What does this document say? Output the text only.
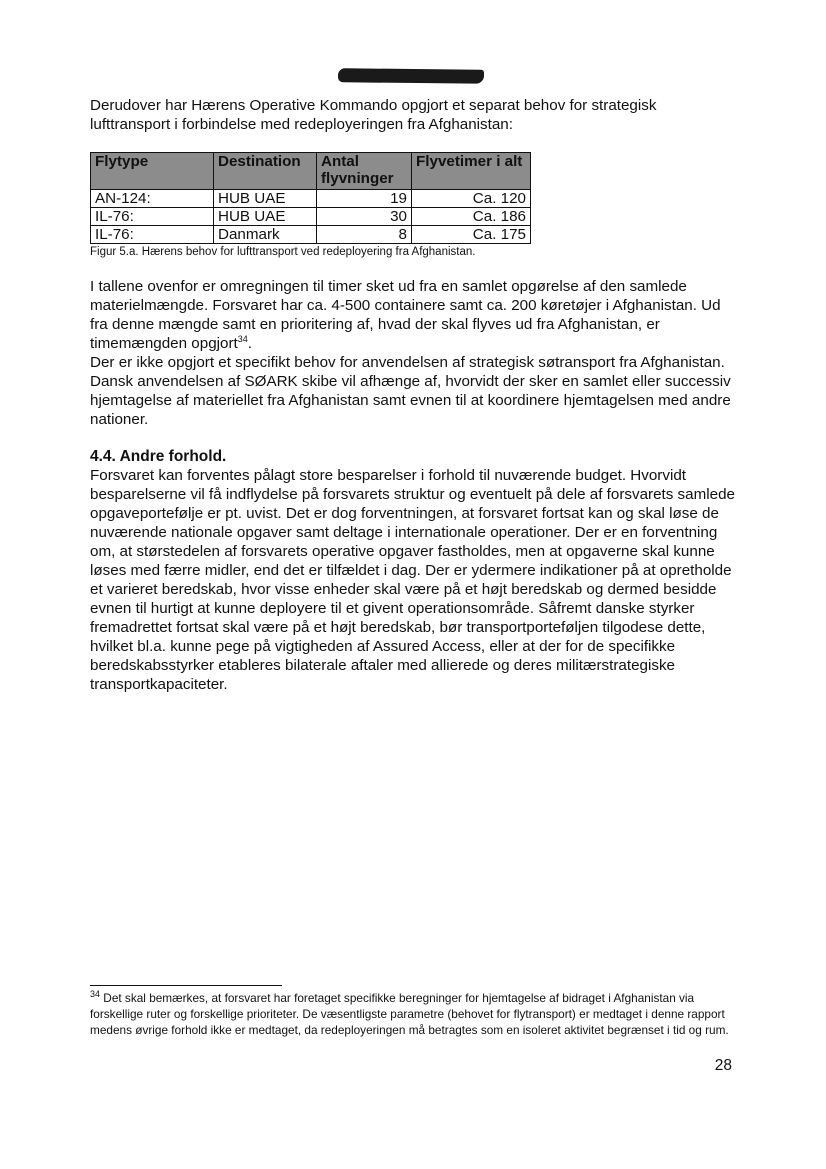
Derudover har Hærens Operative Kommando opgjort et separat behov for strategisk lufttransport i forbindelse med redeployeringen fra Afghanistan:

Flytype	Destination	Antal flyvninger	Flyvetimer i alt
AN-124:	HUB UAE	19	Ca. 120
IL-76:	HUB UAE	30	Ca. 186
IL-76:	Danmark	8	Ca. 175
Figur 5.a. Hærens behov for lufttransport ved redeployering fra Afghanistan.

I tallene ovenfor er omregningen til timer sket ud fra en samlet opgørelse af den samlede materielmængde. Forsvaret har ca. 4-500 containere samt ca. 200 køretøjer i Afghanistan. Ud fra denne mængde samt en prioritering af, hvad der skal flyves ud fra Afghanistan, er timemængden opgjort$^{34}$.

Der er ikke opgjort et specifikt behov for anvendelsen af strategisk søtransport fra Afghanistan. Dansk anvendelsen af SØARK skibe vil afhænge af, hvorvidt der sker en samlet eller successiv hjemtagelse af materiellet fra Afghanistan samt evnen til at koordinere hjemtagelsen med andre nationer.

4.4. Andre forhold.

Forsvaret kan forventes pålagt store besparelser i forhold til nuværende budget. Hvorvidt besparelserne vil få indflydelse på forsvarets struktur og eventuelt på dele af forsvarets samlede opgaveportefølje er pt. uvist. Det er dog forventningen, at forsvaret fortsat kan og skal løse de nuværende nationale opgaver samt deltage i internationale operationer. Der er en forventning om, at størstedelen af forsvarets operative opgaver fastholdes, men at opgaverne skal kunne løses med færre midler, end det er tilfældet i dag. Der er ydermere indikationer på at opretholde et varieret beredskab, hvor visse enheder skal være på et højt beredskab og dermed besidde evnen til hurtigt at kunne deployere til et givent operationsområde. Såfremt danske styrker fremadrettet fortsat skal være på et højt beredskab, bør transportporteføljen tilgodese dette, hvilket bl.a. kunne pege på vigtigheden af Assured Access, eller at der for de specifikke beredskabsstyrker etableres bilaterale aftaler med allierede og deres militærstrategiske transportkapaciteter.

$^{34}$ Det skal bemærkes, at forsvaret har foretaget specifikke beregninger for hjemtagelse af bidraget i Afghanistan via forskellige ruter og forskellige prioriteter. De væsentligste parametre (behovet for flytransport) er medtaget i denne rapport medens øvrige forhold ikke er medtaget, da redeployeringen må betragtes som en isoleret aktivitet begrænset i tid og rum.
28
